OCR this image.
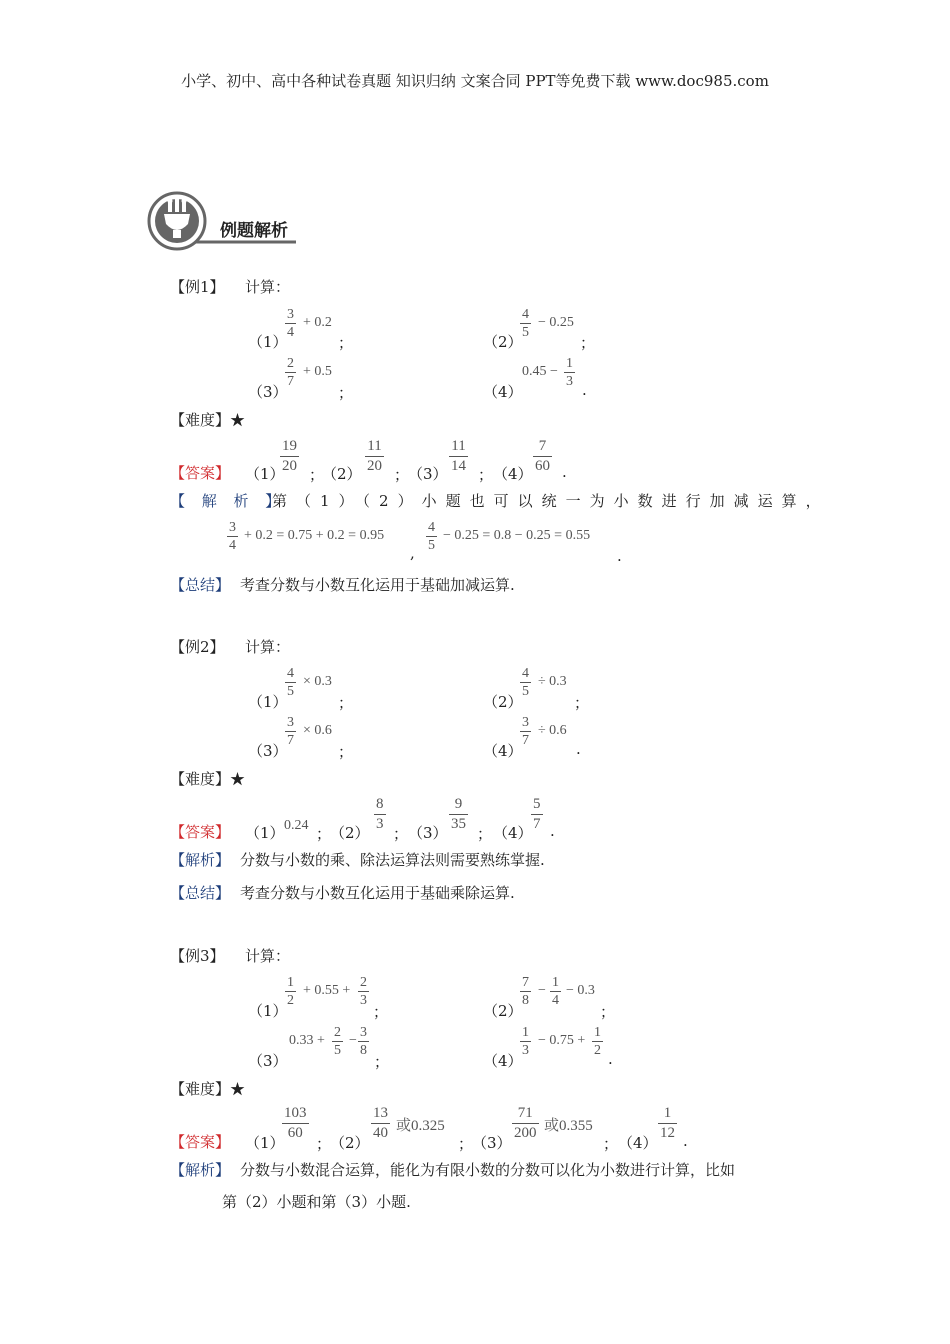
小学、初中、高中各种试卷真题 知识归纳 文案合同 PPT等免费下载 www.doc985.com
例题解析
【例1】 计算：
（1）
$\frac{3}{4} + 0.2$
；	（2）
$\frac{4}{5} - 0.25$
；
（3）
$\frac{2}{7} + 0.5$
；	（4）
$0.45 - \frac{1}{3}$ .
【难度】★
【答案】 （1）
$\frac{19}{20}$ ；
$(2) \frac{11}{20}$ ；
$(3) \frac{11}{14}$ ； $(4) \frac{7}{60}$ .
【 解 析 】
第（1）（2）小题也可以统一为小数进行加减运算，
$\frac{3}{4} + 0.2 = 0.75 + 0.2 = 0.95$
, $\frac{4}{5} - 0.25 = 0.8 - 0.25 = 0.55$
.
【总结】 考查分数与小数互化运用于基础加减运算.
【例2】 计算：
（1）
$\frac{4}{5} \times 0.3$
；	（2）
$\frac{4}{5} \div 0.3$
；
（3）
$\frac{3}{7} \times 0.6$
；	（4）
$\frac{3}{7} \div 0.6$
.
【难度】★
【答案】 （1） 0.24 ；
$(2) \frac{8}{3}$ ； $(3) \frac{9}{35}$ ； （4）
$\frac{5}{7}$ .
【解析】 分数与小数的乘、除法运算法则需要熟练掌握.
【总结】 考查分数与小数互化运用于基础乘除运算.
【例3】 计算：
（1）
$\frac{1}{2} + 0.55 + \frac{2}{3}$
；	（2）
$\frac{7}{8} - \frac{1}{4} - 0.3$
；
（3）
$0.33 + \frac{2}{5} - \frac{3}{8}$
；	（4）
$\frac{1}{3} - 0.75 + \frac{1}{2}$ .
【难度】★
【答案】 （1）
$\frac{103}{60}$
；
$(2) \frac{13}{40}$ 或0.325
；
$(3) \frac{71}{200}$ 或0.355
； $(4) \frac{1}{12}$ .
【解析】 分数与小数混合运算，能化为有限小数的分数可以化为小数进行计算，比如
第（2）小题和第（3）小题.
